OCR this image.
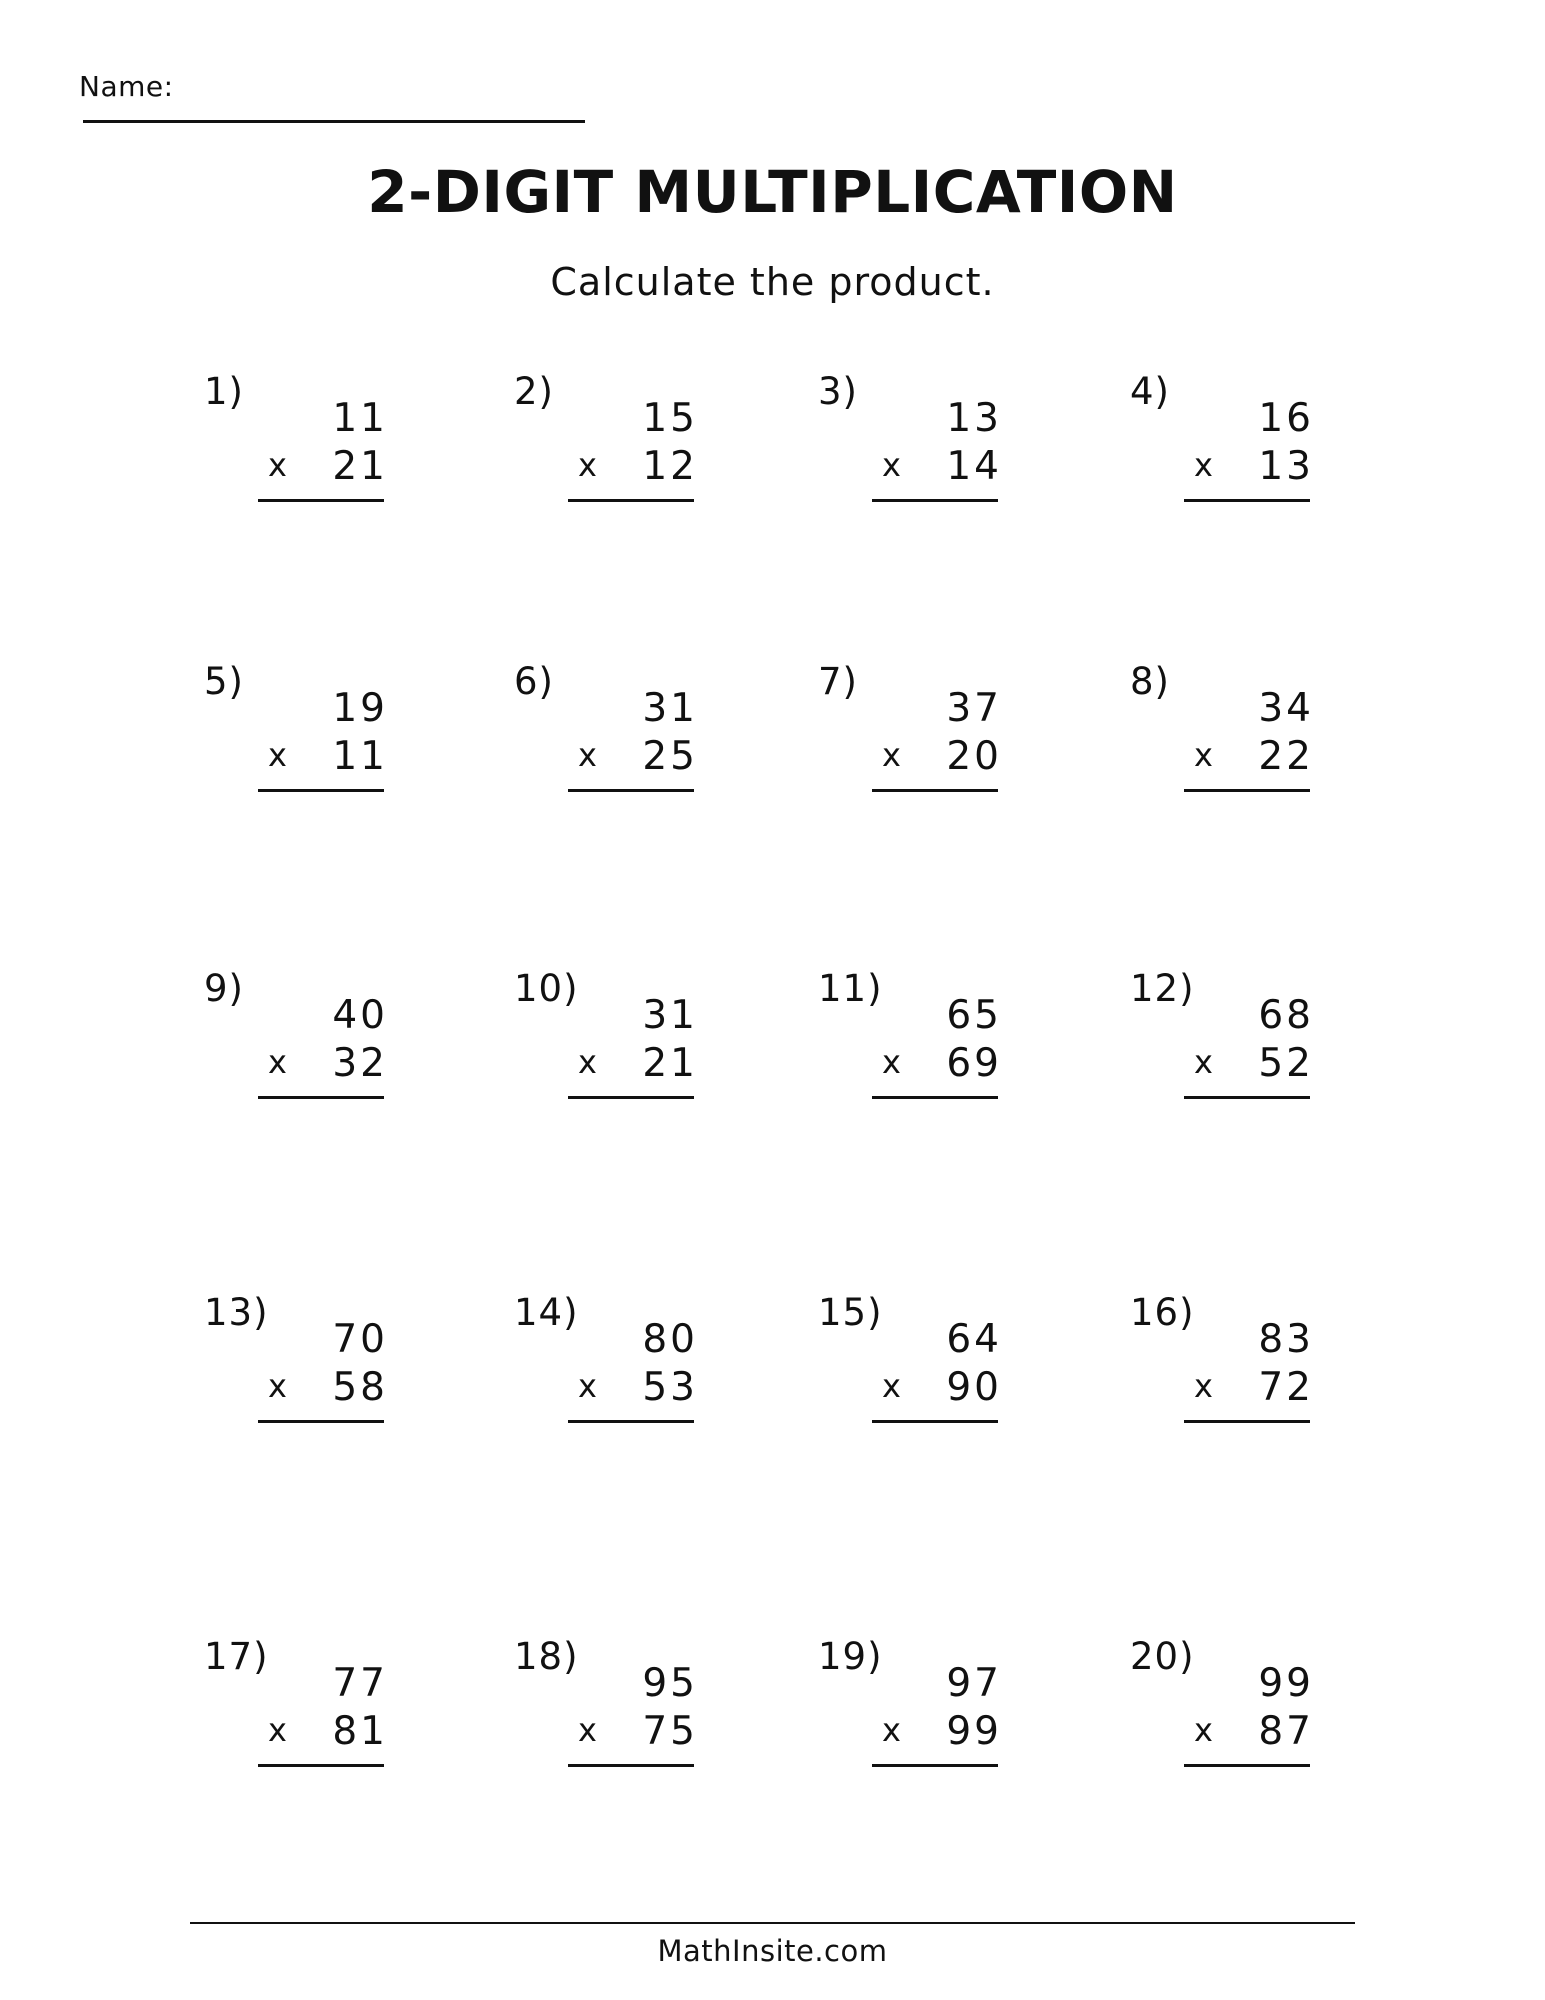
Name:
2-DIGIT MULTIPLICATION
Calculate the product.
1)
11
x 21
2)
15
x 12
3)
13
x 14
4)
16
x 13
5)
19
x 11
6)
31
x 25
7)
37
x 20
8)
34
x 22
9)
40
x 32
10)
31
x 21
11)
65
x 69
12)
68
x 52
13)
70
x 58
14)
80
x 53
15)
64
x 90
16)
83
x 72
17)
77
x 81
18)
95
x 75
19)
97
x 99
20)
99
x 87
MathInsite.com
